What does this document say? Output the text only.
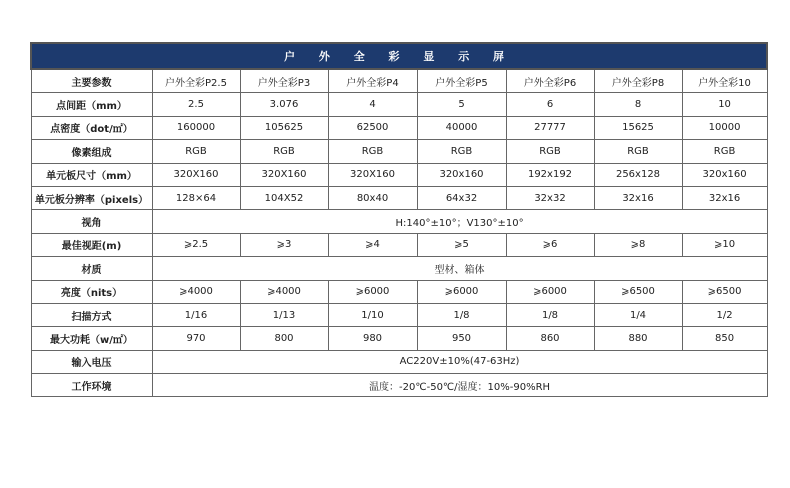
户 外 全 彩 显 示 屏							
主要参数	户外全彩P2.5	户外全彩P3	户外全彩P4	户外全彩P5	户外全彩P6	户外全彩P8	户外全彩10
点间距（mm）	2.5	3.076	4	5	6	8	10
点密度（dot/㎡）	160000	105625	62500	40000	27777	15625	10000
像素组成	RGB	RGB	RGB	RGB	RGB	RGB	RGB
单元板尺寸（mm）	320X160	320X160	320X160	320x160	192x192	256x128	320x160
单元板分辨率（pixels）	128×64	104X52	80x40	64x32	32x32	32x16	32x16
视角	H:140°±10°；V130°±10°						
最佳视距(m)	⩾2.5	⩾3	⩾4	⩾5	⩾6	⩾8	⩾10
材质	型材、箱体						
亮度（nits）	⩾4000	⩾4000	⩾6000	⩾6000	⩾6000	⩾6500	⩾6500
扫描方式	1/16	1/13	1/10	1/8	1/8	1/4	1/2
最大功耗（w/㎡）	970	800	980	950	860	880	850
输入电压	AC220V±10%(47-63Hz)						
工作环境	温度：-20℃-50℃/湿度：10%-90%RH						
